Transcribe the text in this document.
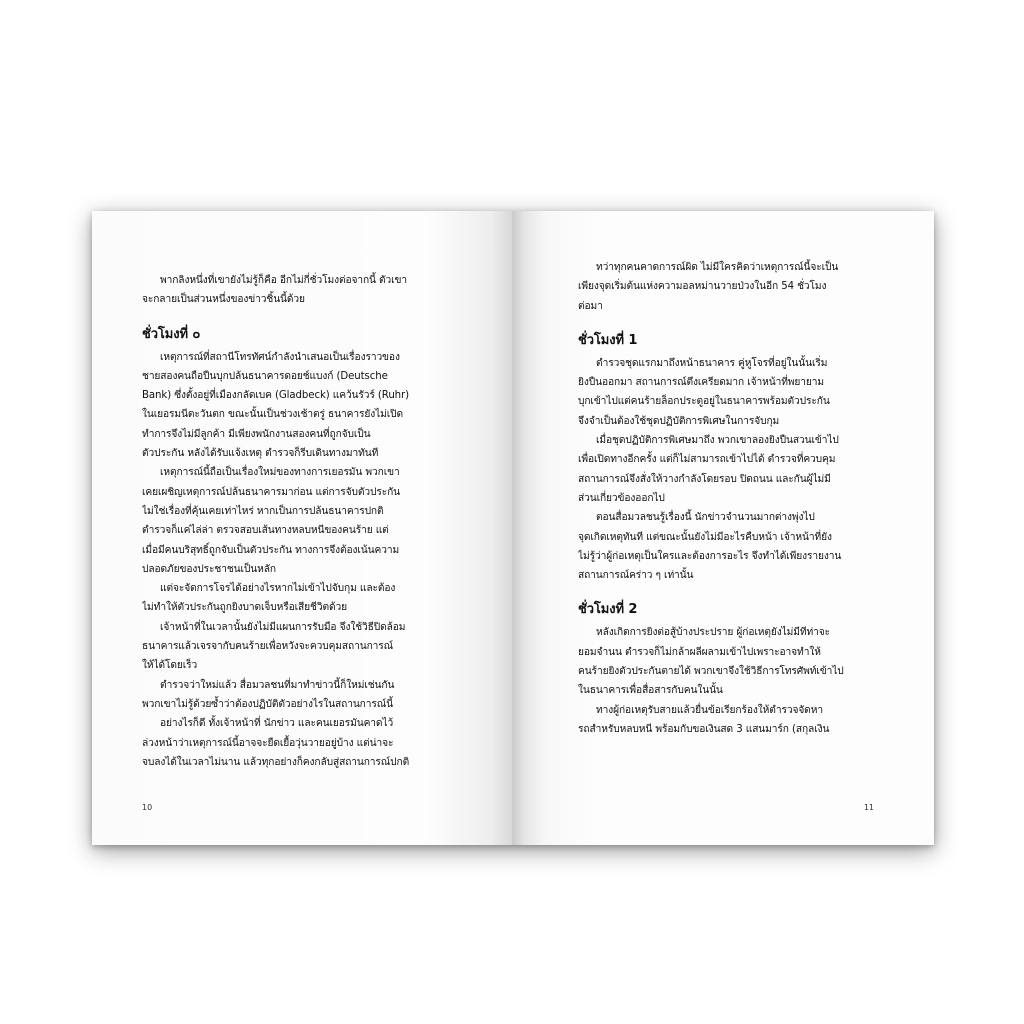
พากลิงหนึ่งที่เขายังไม่รู้ก็คือ อีกไม่กี่ชั่วโมงต่อจากนี้ ตัวเขา
จะกลายเป็นส่วนหนึ่งของข่าวชิ้นนี้ด้วย
ชั่วโมงที่ ๐
เหตุการณ์ที่สถานีโทรทัศน์กำลังนำเสนอเป็นเรื่องราวของ
ชายสองคนถือปืนบุกปล้นธนาคารดอยช์แบงก์ (Deutsche
Bank) ซึ่งตั้งอยู่ที่เมืองกลัดเบค (Gladbeck) แคว้นรัวร์ (Ruhr)
ในเยอรมนีตะวันตก ขณะนั้นเป็นช่วงเช้าตรู่ ธนาคารยังไม่เปิด
ทำการจึงไม่มีลูกค้า มีเพียงพนักงานสองคนที่ถูกจับเป็น
ตัวประกัน หลังได้รับแจ้งเหตุ ตำรวจก็รีบเดินทางมาทันที
เหตุการณ์นี้ถือเป็นเรื่องใหม่ของทางการเยอรมัน พวกเขา
เคยเผชิญเหตุการณ์ปล้นธนาคารมาก่อน แต่การจับตัวประกัน
ไม่ใช่เรื่องที่คุ้นเคยเท่าไหร่ หากเป็นการปล้นธนาคารปกติ
ตำรวจก็แค่ไล่ล่า ตรวจสอบเส้นทางหลบหนีของคนร้าย แต่
เมื่อมีคนบริสุทธิ์ถูกจับเป็นตัวประกัน ทางการจึงต้องเน้นความ
ปลอดภัยของประชาชนเป็นหลัก
แต่จะจัดการโจรได้อย่างไรหากไม่เข้าไปจับกุม และต้อง
ไม่ทำให้ตัวประกันถูกยิงบาดเจ็บหรือเสียชีวิตด้วย
เจ้าหน้าที่ในเวลานั้นยังไม่มีแผนการรับมือ จึงใช้วิธีปิดล้อม
ธนาคารแล้วเจรจากับคนร้ายเพื่อหวังจะควบคุมสถานการณ์
ให้ได้โดยเร็ว
ตำรวจว่าใหม่แล้ว สื่อมวลชนที่มาทำข่าวนี้ก็ใหม่เช่นกัน
พวกเขาไม่รู้ด้วยซ้ำว่าต้องปฏิบัติตัวอย่างไรในสถานการณ์นี้
อย่างไรก็ดี ทั้งเจ้าหน้าที่ นักข่าว และคนเยอรมันคาดไว้
ล่วงหน้าว่าเหตุการณ์นี้อาจจะยืดเยื้อวุ่นวายอยู่บ้าง แต่น่าจะ
จบลงได้ในเวลาไม่นาน แล้วทุกอย่างก็คงกลับสู่สถานการณ์ปกติ
10
ทว่าทุกคนคาดการณ์ผิด ไม่มีใครคิดว่าเหตุการณ์นี้จะเป็น
เพียงจุดเริ่มต้นแห่งความอลหม่านวายป่วงในอีก 54 ชั่วโมง
ต่อมา
ชั่วโมงที่ 1
ตำรวจชุดแรกมาถึงหน้าธนาคาร คู่หูโจรที่อยู่ในนั้นเริ่ม
ยิงปืนออกมา สถานการณ์ตึงเครียดมาก เจ้าหน้าที่พยายาม
บุกเข้าไปแต่คนร้ายล็อกประตูอยู่ในธนาคารพร้อมตัวประกัน
จึงจำเป็นต้องใช้ชุดปฏิบัติการพิเศษในการจับกุม
เมื่อชุดปฏิบัติการพิเศษมาถึง พวกเขาลองยิงปืนสวนเข้าไป
เพื่อเปิดทางอีกครั้ง แต่ก็ไม่สามารถเข้าไปได้ ตำรวจที่ควบคุม
สถานการณ์จึงสั่งให้วางกำลังโดยรอบ ปิดถนน และกันผู้ไม่มี
ส่วนเกี่ยวข้องออกไป
ตอนสื่อมวลชนรู้เรื่องนี้ นักข่าวจำนวนมากต่างพุ่งไป
จุดเกิดเหตุทันที แต่ขณะนั้นยังไม่มีอะไรคืบหน้า เจ้าหน้าที่ยัง
ไม่รู้ว่าผู้ก่อเหตุเป็นใครและต้องการอะไร จึงทำได้เพียงรายงาน
สถานการณ์คร่าว ๆ เท่านั้น
ชั่วโมงที่ 2
หลังเกิดการยิงต่อสู้บ้างประปราย ผู้ก่อเหตุยังไม่มีทีท่าจะ
ยอมจำนน ตำรวจก็ไม่กล้าผลีผลามเข้าไปเพราะอาจทำให้
คนร้ายยิงตัวประกันตายได้ พวกเขาจึงใช้วิธีการโทรศัพท์เข้าไป
ในธนาคารเพื่อสื่อสารกับคนในนั้น
ทางผู้ก่อเหตุรับสายแล้วยื่นข้อเรียกร้องให้ตำรวจจัดหา
รถสำหรับหลบหนี พร้อมกับขอเงินสด 3 แสนมาร์ก (สกุลเงิน
11
